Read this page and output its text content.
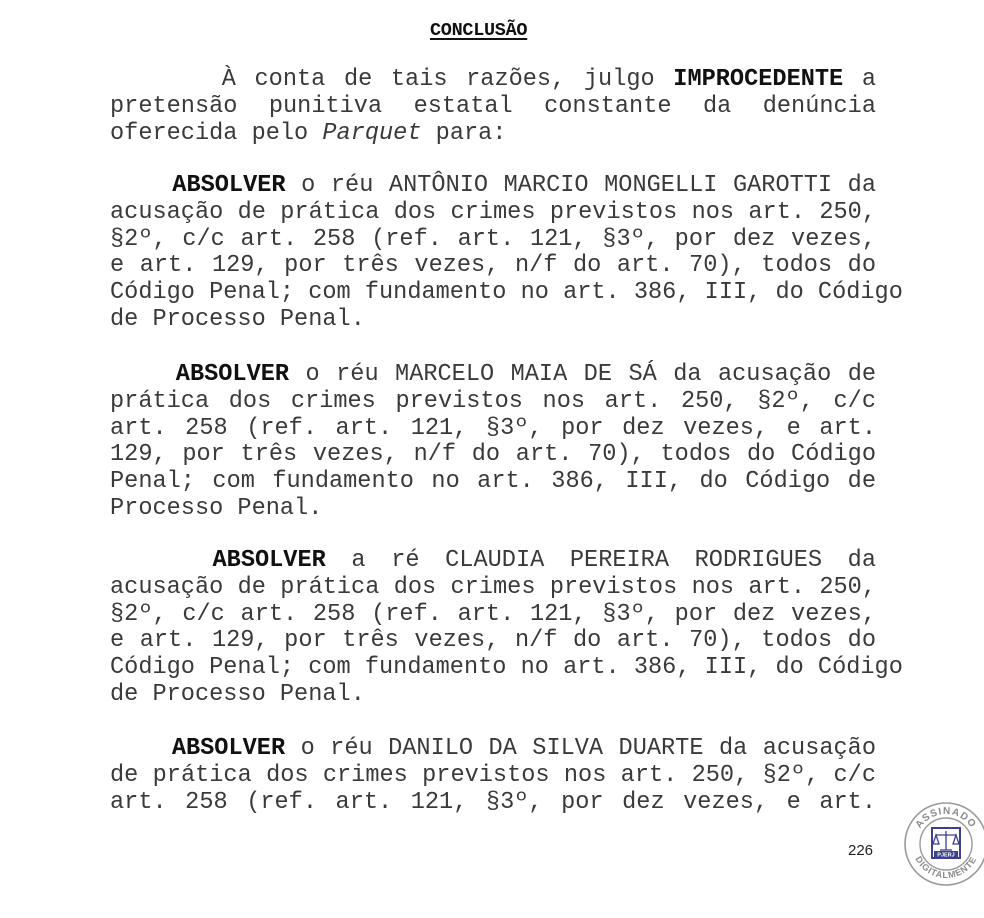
CONCLUSÃO
À conta de tais razões, julgo IMPROCEDENTE a
pretensão punitiva estatal constante da denúncia
oferecida pelo Parquet para:
ABSOLVER o réu ANTÔNIO MARCIO MONGELLI GAROTTI da
acusação de prática dos crimes previstos nos art. 250,
§2º, c/c art. 258 (ref. art. 121, §3º, por dez vezes,
e art. 129, por três vezes, n/f do art. 70), todos do
Código Penal; com fundamento no art. 386, III, do Código
de Processo Penal.
ABSOLVER o réu MARCELO MAIA DE SÁ da acusação de
prática dos crimes previstos nos art. 250, §2º, c/c
art. 258 (ref. art. 121, §3º, por dez vezes, e art.
129, por três vezes, n/f do art. 70), todos do Código
Penal; com fundamento no art. 386, III, do Código de
Processo Penal.
ABSOLVER a ré CLAUDIA PEREIRA RODRIGUES da
acusação de prática dos crimes previstos nos art. 250,
§2º, c/c art. 258 (ref. art. 121, §3º, por dez vezes,
e art. 129, por três vezes, n/f do art. 70), todos do
Código Penal; com fundamento no art. 386, III, do Código
de Processo Penal.
ABSOLVER o réu DANILO DA SILVA DUARTE da acusação
de prática dos crimes previstos nos art. 250, §2º, c/c
art. 258 (ref. art. 121, §3º, por dez vezes, e art.
226
ASSINADO
DIGITALMENTE
PJERJ
